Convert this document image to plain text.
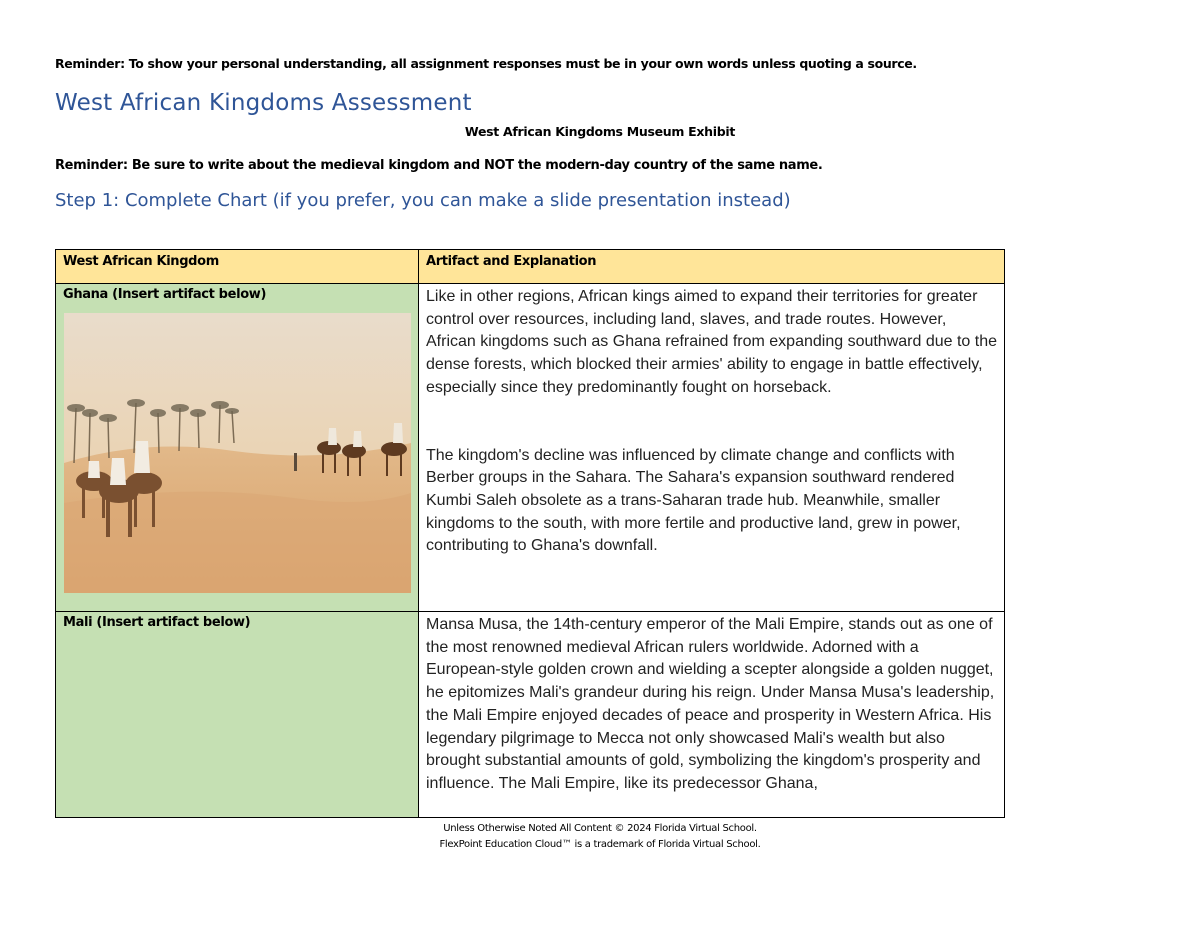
Reminder: To show your personal understanding, all assignment responses must be in your own words unless quoting a source.
West African Kingdoms Assessment
West African Kingdoms Museum Exhibit
Reminder: Be sure to write about the medieval kingdom and NOT the modern-day country of the same name.
Step 1: Complete Chart (if you prefer, you can make a slide presentation instead)
West African Kingdom	Artifact and Explanation

Ghana (Insert artifact below)	Like in other regions, African kings aimed to expand their territories for greater control over resources, including land, slaves, and trade routes. However, African kingdoms such as Ghana refrained from expanding southward due to the dense forests, which blocked their armies' ability to engage in battle effectively, especially since they predominantly fought on horseback.

The kingdom's decline was influenced by climate change and conflicts with Berber groups in the Sahara. The Sahara's expansion southward rendered Kumbi Saleh obsolete as a trans-Saharan trade hub. Meanwhile, smaller kingdoms to the south, with more fertile and productive land, grew in power, contributing to Ghana's downfall.

Mali (Insert artifact below)	Mansa Musa, the 14th-century emperor of the Mali Empire, stands out as one of the most renowned medieval African rulers worldwide. Adorned with a European-style golden crown and wielding a scepter alongside a golden nugget, he epitomizes Mali's grandeur during his reign. Under Mansa Musa's leadership, the Mali Empire enjoyed decades of peace and prosperity in Western Africa. His legendary pilgrimage to Mecca not only showcased Mali's wealth but also brought substantial amounts of gold, symbolizing the kingdom's prosperity and influence. The Mali Empire, like its predecessor Ghana,

Unless Otherwise Noted All Content © 2024 Florida Virtual School.
FlexPoint Education Cloud™ is a trademark of Florida Virtual School.
